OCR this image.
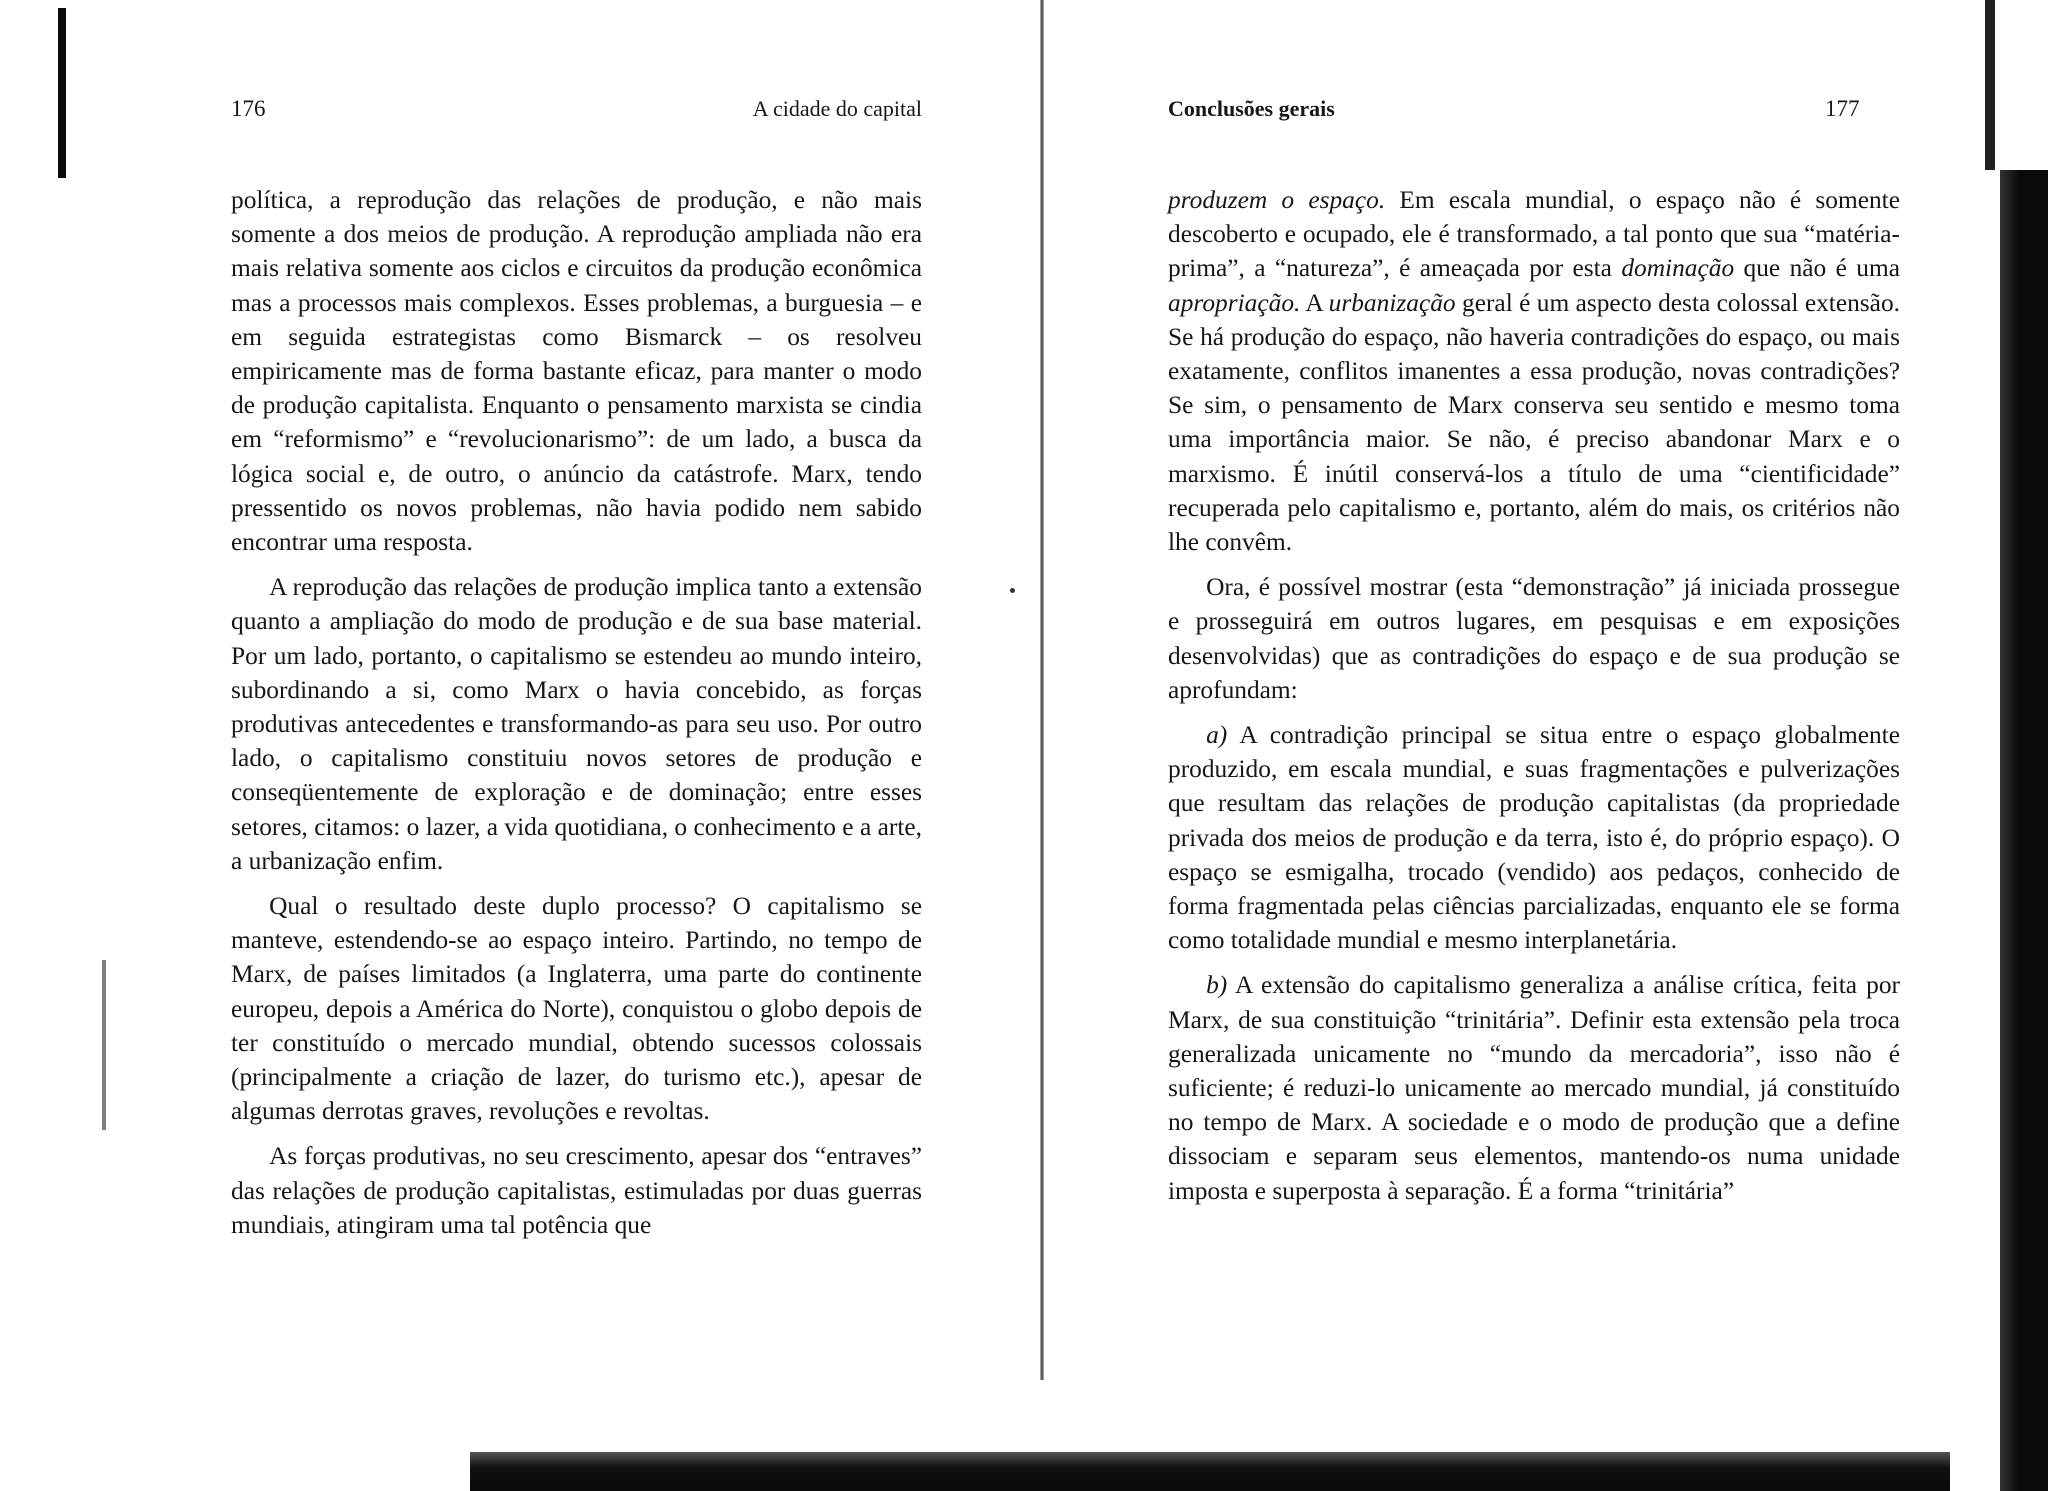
176	A cidade do capital

política, a reprodução das relações de produção, e não mais somente a dos meios de produção. A reprodução ampliada não era mais relativa somente aos ciclos e circuitos da produção econômica mas a processos mais complexos. Esses problemas, a burguesia – e em seguida estrategistas como Bismarck – os resolveu empiricamente mas de forma bastante eficaz, para manter o modo de produção capitalista. Enquanto o pensamento marxista se cindia em “reformismo” e “revolucionarismo”: de um lado, a busca da lógica social e, de outro, o anúncio da catástrofe. Marx, tendo pressentido os novos problemas, não havia podido nem sabido encontrar uma resposta.

A reprodução das relações de produção implica tanto a extensão quanto a ampliação do modo de produção e de sua base material. Por um lado, portanto, o capitalismo se estendeu ao mundo inteiro, subordinando a si, como Marx o havia concebido, as forças produtivas antecedentes e transformando-as para seu uso. Por outro lado, o capitalismo constituiu novos setores de produção e conseqüentemente de exploração e de dominação; entre esses setores, citamos: o lazer, a vida quotidiana, o conhecimento e a arte, a urbanização enfim.

Qual o resultado deste duplo processo? O capitalismo se manteve, estendendo-se ao espaço inteiro. Partindo, no tempo de Marx, de países limitados (a Inglaterra, uma parte do continente europeu, depois a América do Norte), conquistou o globo depois de ter constituído o mercado mundial, obtendo sucessos colossais (principalmente a criação de lazer, do turismo etc.), apesar de algumas derrotas graves, revoluções e revoltas.

As forças produtivas, no seu crescimento, apesar dos “entraves” das relações de produção capitalistas, estimuladas por duas guerras mundiais, atingiram uma tal potência que

Conclusões gerais	177

produzem o espaço. Em escala mundial, o espaço não é somente descoberto e ocupado, ele é transformado, a tal ponto que sua “matéria-prima”, a “natureza”, é ameaçada por esta dominação que não é uma apropriação. A urbanização geral é um aspecto desta colossal extensão. Se há produção do espaço, não haveria contradições do espaço, ou mais exatamente, conflitos imanentes a essa produção, novas contradições? Se sim, o pensamento de Marx conserva seu sentido e mesmo toma uma importância maior. Se não, é preciso abandonar Marx e o marxismo. É inútil conservá-los a título de uma “cientificidade” recuperada pelo capitalismo e, portanto, além do mais, os critérios não lhe convêm.

Ora, é possível mostrar (esta “demonstração” já iniciada prossegue e prosseguirá em outros lugares, em pesquisas e em exposições desenvolvidas) que as contradições do espaço e de sua produção se aprofundam:

a) A contradição principal se situa entre o espaço globalmente produzido, em escala mundial, e suas fragmentações e pulverizações que resultam das relações de produção capitalistas (da propriedade privada dos meios de produção e da terra, isto é, do próprio espaço). O espaço se esmigalha, trocado (vendido) aos pedaços, conhecido de forma fragmentada pelas ciências parcializadas, enquanto ele se forma como totalidade mundial e mesmo interplanetária.

b) A extensão do capitalismo generaliza a análise crítica, feita por Marx, de sua constituição “trinitária”. Definir esta extensão pela troca generalizada unicamente no “mundo da mercadoria”, isso não é suficiente; é reduzi-lo unicamente ao mercado mundial, já constituído no tempo de Marx. A sociedade e o modo de produção que a define dissociam e separam seus elementos, mantendo-os numa unidade imposta e superposta à separação. É a forma “trinitária”
